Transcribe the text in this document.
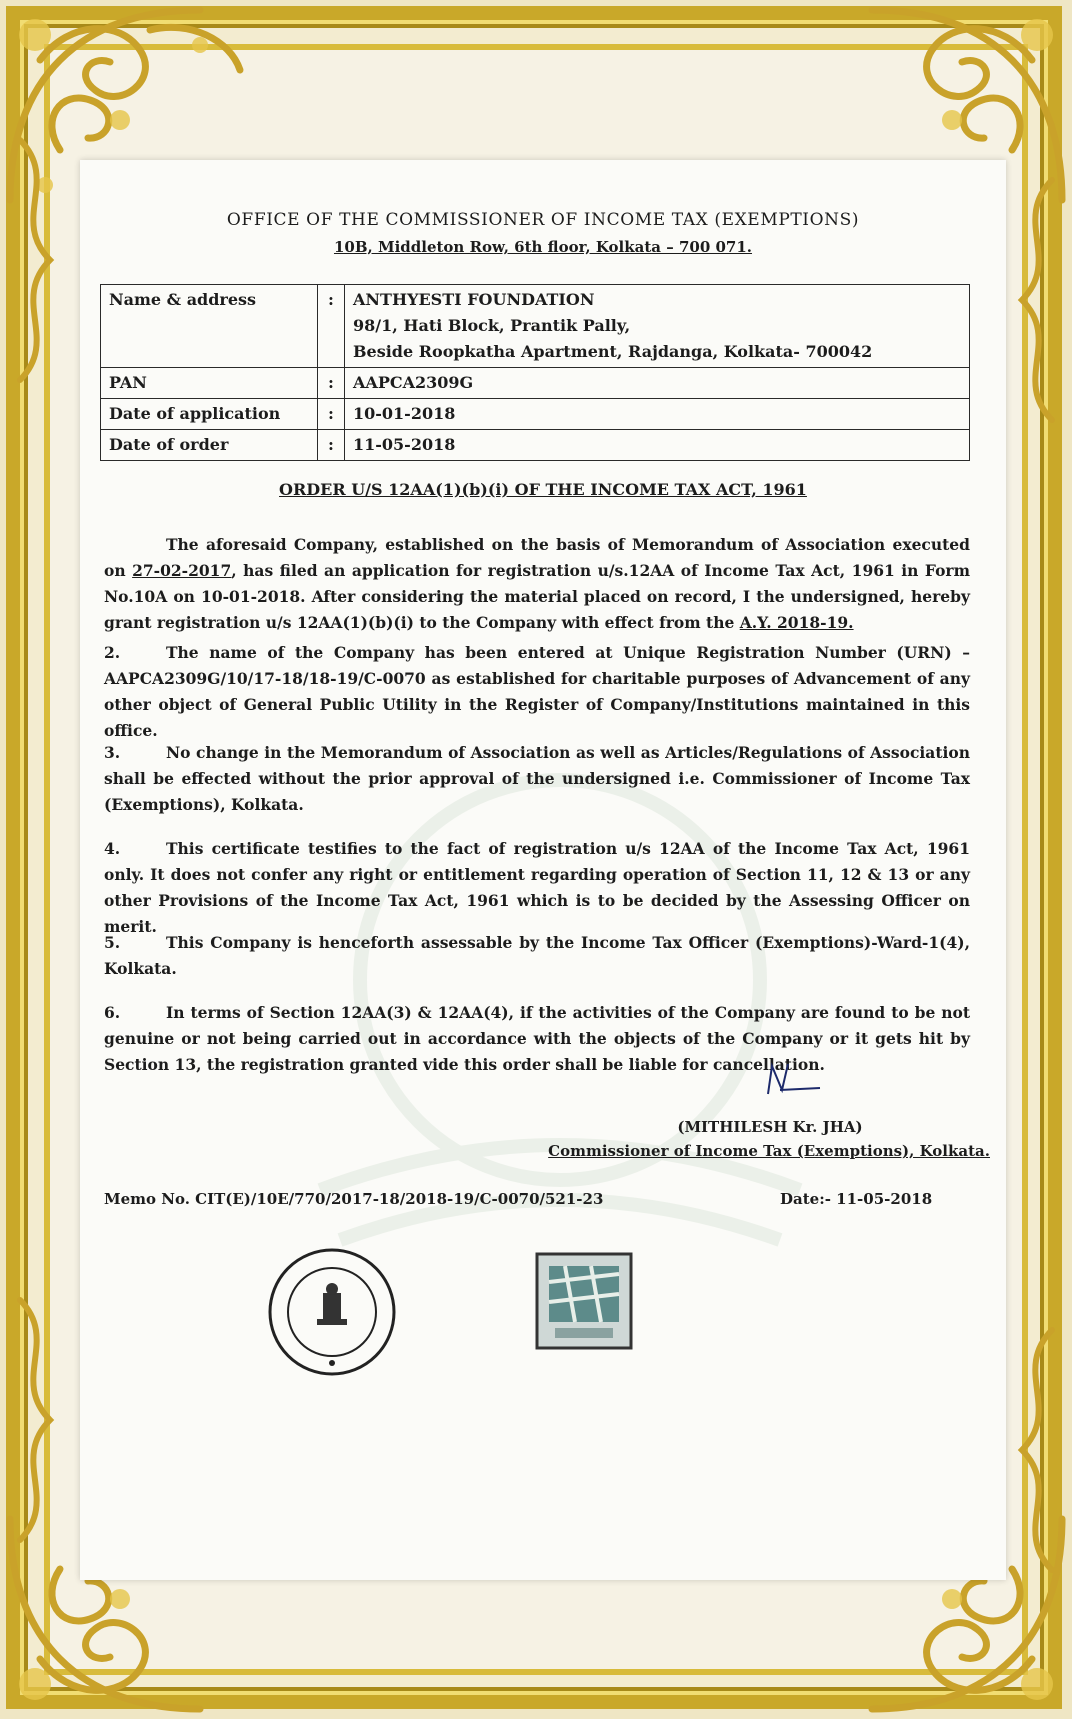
OFFICE OF THE COMMISSIONER OF INCOME TAX (EXEMPTIONS)
10B, Middleton Row, 6th floor, Kolkata – 700 071.
Name & address	:	ANTHYESTI FOUNDATION
98/1, Hati Block, Prantik Pally,
Beside Roopkatha Apartment, Rajdanga, Kolkata- 700042

PAN	:	AAPCA2309G
Date of application	:	10-01-2018
Date of order	:	11-05-2018
ORDER U/S 12AA(1)(b)(i) OF THE INCOME TAX ACT, 1961
The aforesaid Company, established on the basis of Memorandum of Association executed on 27-02-2017, has filed an application for registration u/s.12AA of Income Tax Act, 1961 in Form No.10A on 10-01-2018. After considering the material placed on record, I the undersigned, hereby grant registration u/s 12AA(1)(b)(i) to the Company with effect from the A.Y. 2018-19.
2.	The name of the Company has been entered at Unique Registration Number (URN) – AAPCA2309G/10/17-18/18-19/C-0070 as established for charitable purposes of Advancement of any other object of General Public Utility in the Register of Company/Institutions maintained in this office.
3.	No change in the Memorandum of Association as well as Articles/Regulations of Association shall be effected without the prior approval of the undersigned i.e. Commissioner of Income Tax (Exemptions), Kolkata.
4.	This certificate testifies to the fact of registration u/s 12AA of the Income Tax Act, 1961 only. It does not confer any right or entitlement regarding operation of Section 11, 12 & 13 or any other Provisions of the Income Tax Act, 1961 which is to be decided by the Assessing Officer on merit.
5.	This Company is henceforth assessable by the Income Tax Officer (Exemptions)-Ward-1(4), Kolkata.
6.	In terms of Section 12AA(3) & 12AA(4), if the activities of the Company are found to be not genuine or not being carried out in accordance with the objects of the Company or it gets hit by Section 13, the registration granted vide this order shall be liable for cancellation.
(MITHILESH Kr. JHA)
Commissioner of Income Tax (Exemptions), Kolkata.
Memo No. CIT(E)/10E/770/2017-18/2018-19/C-0070/521-23	Date:- 11-05-2018
